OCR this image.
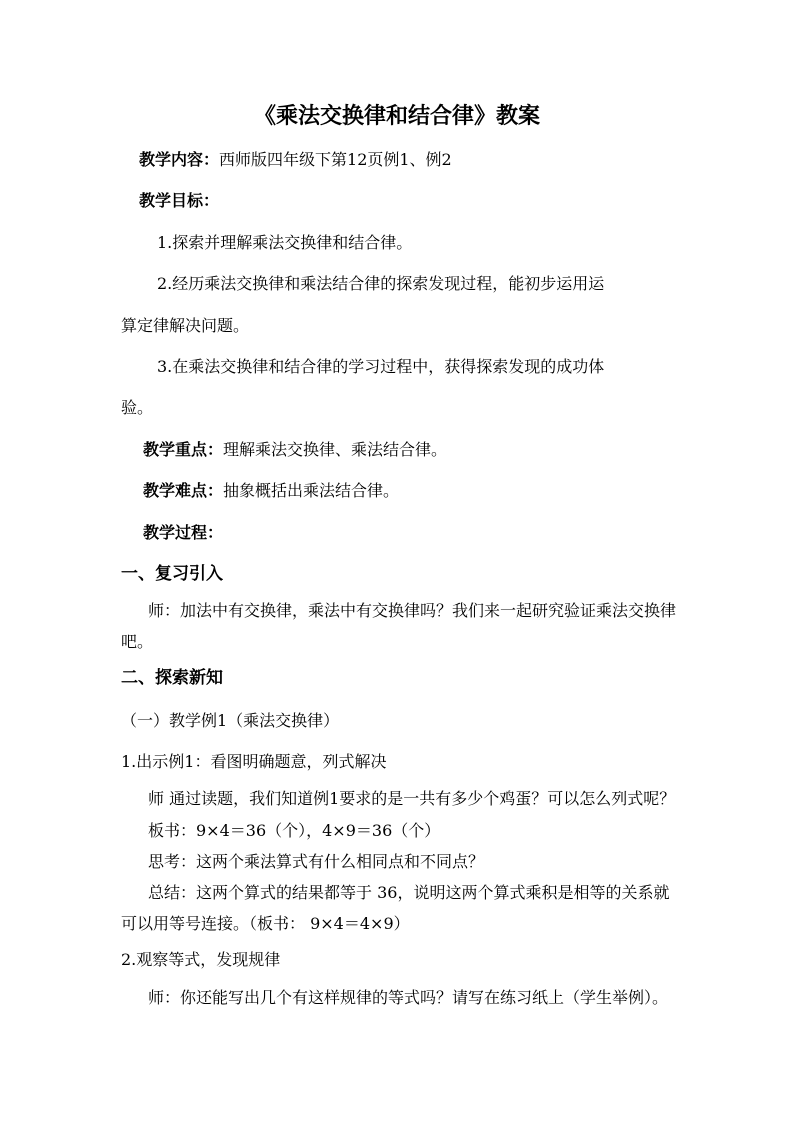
《乘法交换律和结合律》教案
教学内容：西师版四年级下第12页例1、例2
教学目标：
1.探索并理解乘法交换律和结合律。
2.经历乘法交换律和乘法结合律的探索发现过程，能初步运用运
算定律解决问题。
3.在乘法交换律和结合律的学习过程中，获得探索发现的成功体
验。
教学重点：理解乘法交换律、乘法结合律。
教学难点：抽象概括出乘法结合律。
教学过程：
一、复习引入
师：加法中有交换律，乘法中有交换律吗？我们来一起研究验证乘法交换律
吧。
二、探索新知
（一）教学例1（乘法交换律）
1.出示例1：看图明确题意，列式解决
师 通过读题，我们知道例1要求的是一共有多少个鸡蛋？可以怎么列式呢？
板书：9×4＝36（个），4×9＝36（个）
思考：这两个乘法算式有什么相同点和不同点？
总结：这两个算式的结果都等于 36，说明这两个算式乘积是相等的关系就
可以用等号连接。（板书： 9×4＝4×9）
2.观察等式，发现规律
师：你还能写出几个有这样规律的等式吗？请写在练习纸上（学生举例）。
